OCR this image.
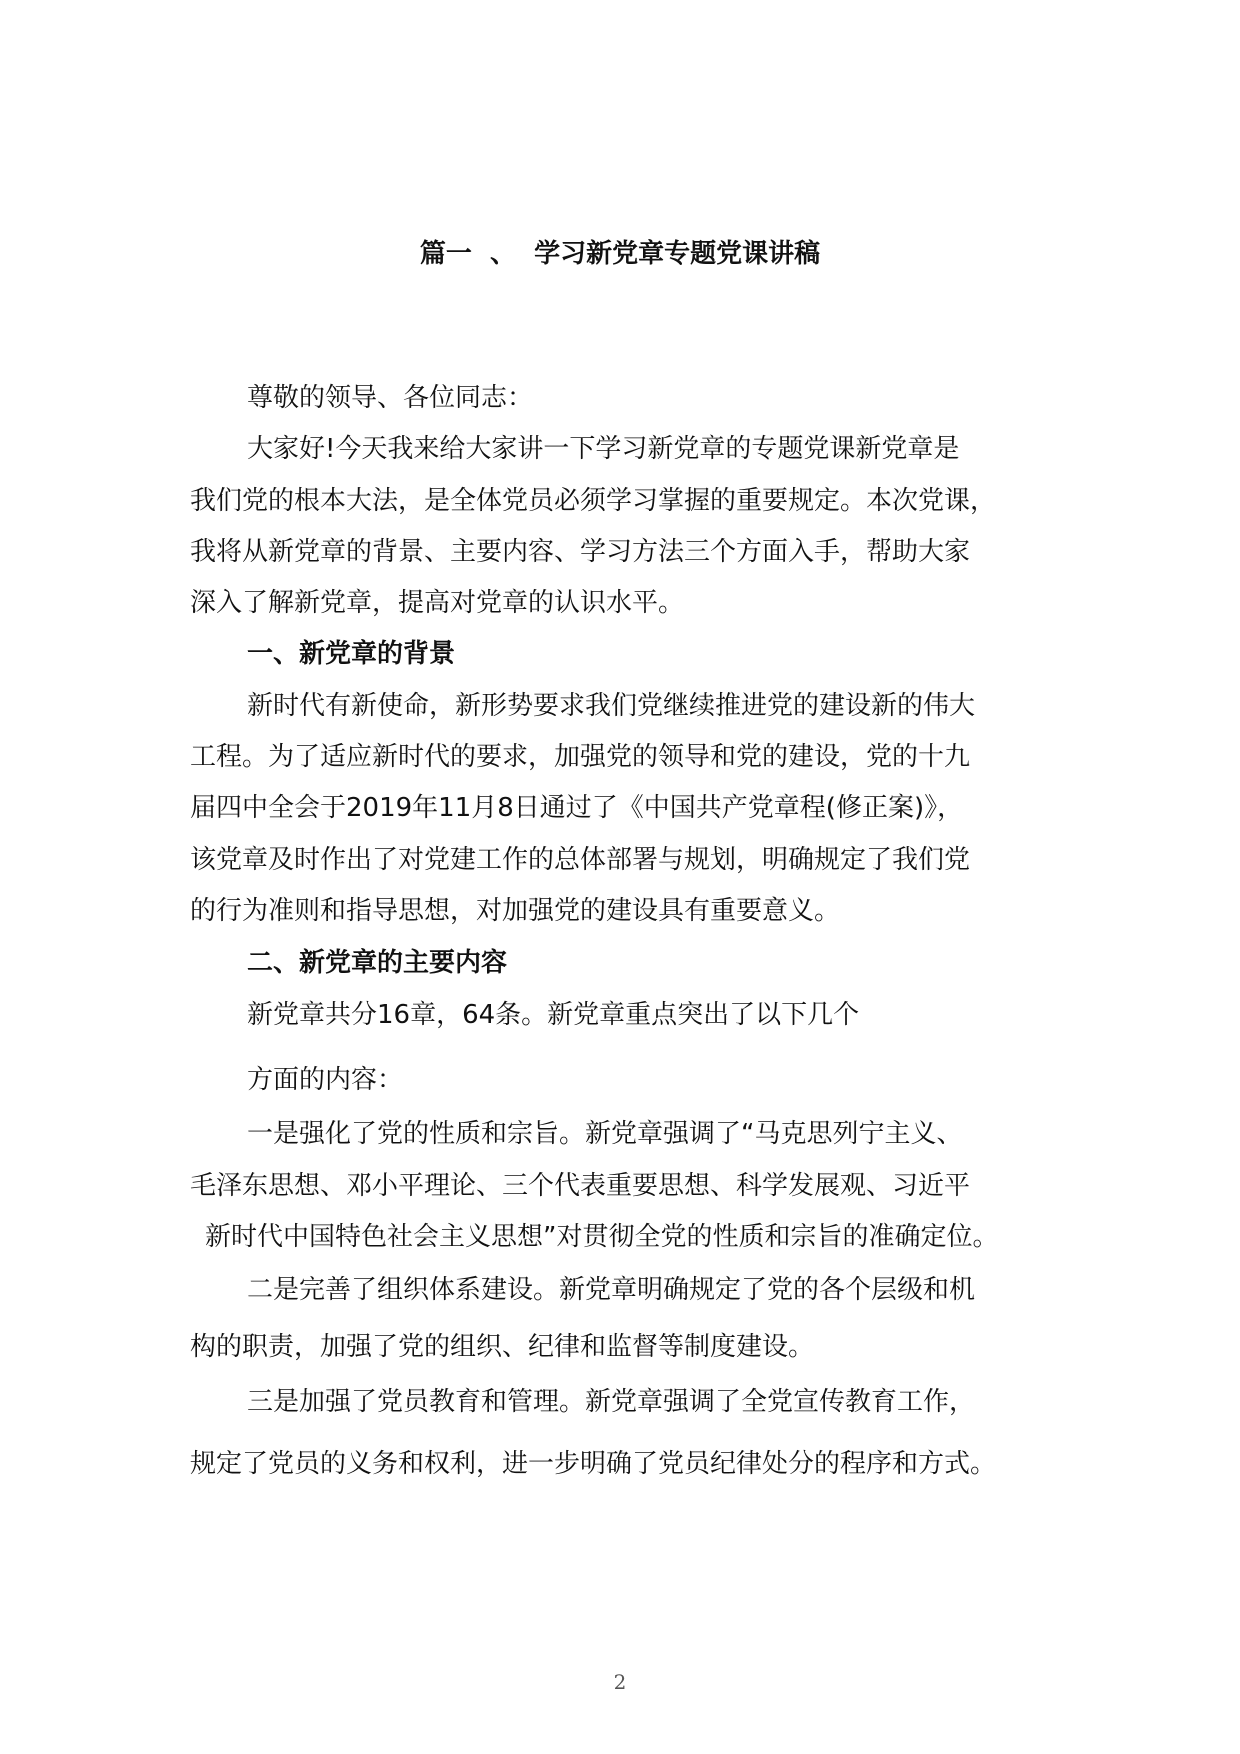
篇一  、  学习新党章专题党课讲稿
尊敬的领导、各位同志：
大家好!今天我来给大家讲一下学习新党章的专题党课新党章是
我们党的根本大法，是全体党员必须学习掌握的重要规定。本次党课，
我将从新党章的背景、主要内容、学习方法三个方面入手，帮助大家
深入了解新党章，提高对党章的认识水平。
一、新党章的背景
新时代有新使命，新形势要求我们党继续推进党的建设新的伟大
工程。为了适应新时代的要求，加强党的领导和党的建设，党的十九
届四中全会于2019年11月8日通过了《中国共产党章程(修正案)》，
该党章及时作出了对党建工作的总体部署与规划，明确规定了我们党
的行为准则和指导思想，对加强党的建设具有重要意义。
二、新党章的主要内容
新党章共分16章，64条。新党章重点突出了以下几个
方面的内容：
一是强化了党的性质和宗旨。新党章强调了“马克思列宁主义、
毛泽东思想、邓小平理论、三个代表重要思想、科学发展观、习近平
新时代中国特色社会主义思想”对贯彻全党的性质和宗旨的准确定位。
二是完善了组织体系建设。新党章明确规定了党的各个层级和机
构的职责，加强了党的组织、纪律和监督等制度建设。
三是加强了党员教育和管理。新党章强调了全党宣传教育工作，
规定了党员的义务和权利，进一步明确了党员纪律处分的程序和方式。
2
